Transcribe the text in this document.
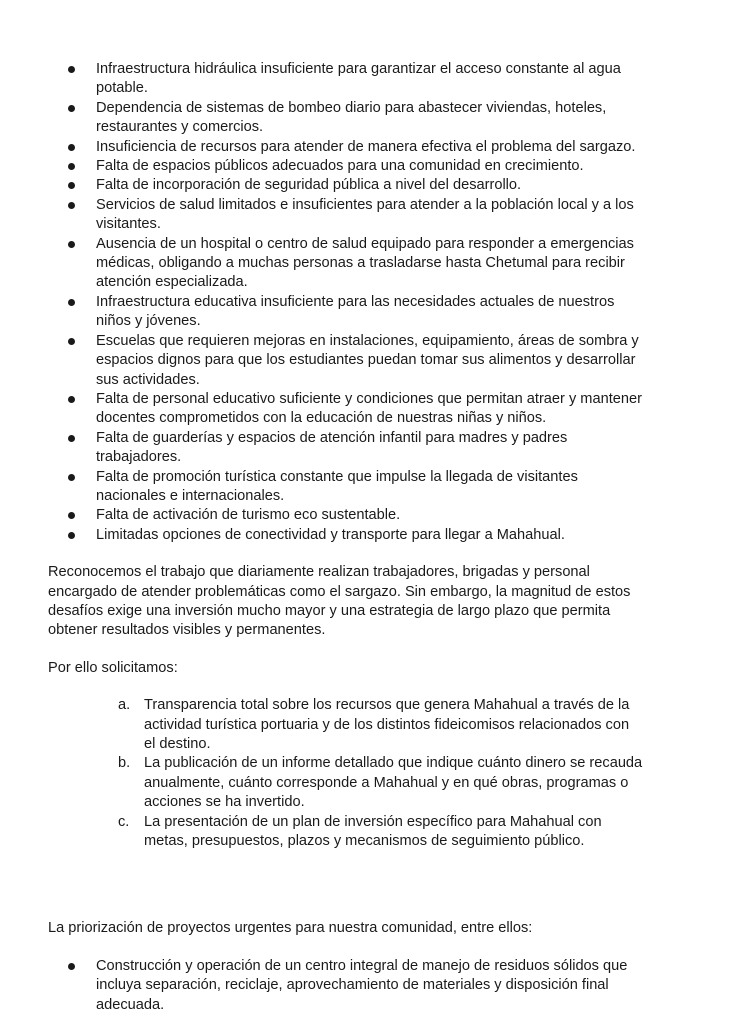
Infraestructura hidráulica insuficiente para garantizar el acceso constante al agua potable.
Dependencia de sistemas de bombeo diario para abastecer viviendas, hoteles, restaurantes y comercios.
Insuficiencia de recursos para atender de manera efectiva el problema del sargazo.
Falta de espacios públicos adecuados para una comunidad en crecimiento.
Falta de incorporación de seguridad pública a nivel del desarrollo.
Servicios de salud limitados e insuficientes para atender a la población local y a los visitantes.
Ausencia de un hospital o centro de salud equipado para responder a emergencias médicas, obligando a muchas personas a trasladarse hasta Chetumal para recibir atención especializada.
Infraestructura educativa insuficiente para las necesidades actuales de nuestros niños y jóvenes.
Escuelas que requieren mejoras en instalaciones, equipamiento, áreas de sombra y espacios dignos para que los estudiantes puedan tomar sus alimentos y desarrollar sus actividades.
Falta de personal educativo suficiente y condiciones que permitan atraer y mantener docentes comprometidos con la educación de nuestras niñas y niños.
Falta de guarderías y espacios de atención infantil para madres y padres trabajadores.
Falta de promoción turística constante que impulse la llegada de visitantes nacionales e internacionales.
Falta de activación de turismo eco sustentable.
Limitadas opciones de conectividad y transporte para llegar a Mahahual.

Reconocemos el trabajo que diariamente realizan trabajadores, brigadas y personal encargado de atender problemáticas como el sargazo. Sin embargo, la magnitud de estos desafíos exige una inversión mucho mayor y una estrategia de largo plazo que permita obtener resultados visibles y permanentes.

Por ello solicitamos:

a. Transparencia total sobre los recursos que genera Mahahual a través de la actividad turística portuaria y de los distintos fideicomisos relacionados con el destino.
b. La publicación de un informe detallado que indique cuánto dinero se recauda anualmente, cuánto corresponde a Mahahual y en qué obras, programas o acciones se ha invertido.
c. La presentación de un plan de inversión específico para Mahahual con metas, presupuestos, plazos y mecanismos de seguimiento público.

La priorización de proyectos urgentes para nuestra comunidad, entre ellos:

Construcción y operación de un centro integral de manejo de residuos sólidos que incluya separación, reciclaje, aprovechamiento de materiales y disposición final adecuada.
